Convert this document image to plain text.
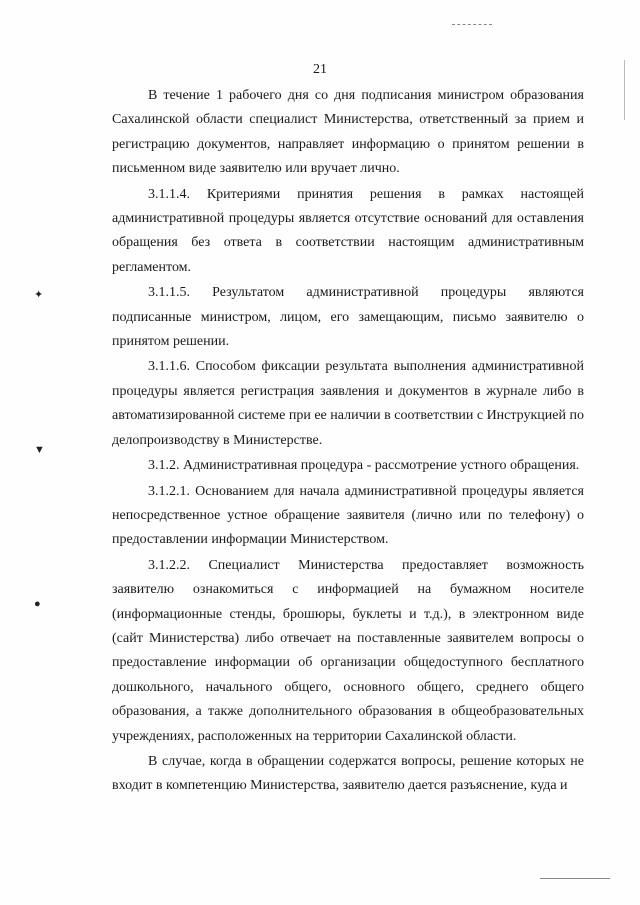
21

В течение 1 рабочего дня со дня подписания министром образования Сахалинской области специалист Министерства, ответственный за прием и регистрацию документов, направляет информацию о принятом решении в письменном виде заявителю или вручает лично.

3.1.1.4. Критериями принятия решения в рамках настоящей административной процедуры является отсутствие оснований для оставления обращения без ответа в соответствии настоящим административным регламентом.

3.1.1.5. Результатом административной процедуры являются подписанные министром, лицом, его замещающим, письмо заявителю о принятом решении.

3.1.1.6. Способом фиксации результата выполнения административной процедуры является регистрация заявления и документов в журнале либо в автоматизированной системе при ее наличии в соответствии с Инструкцией по делопроизводству в Министерстве.

3.1.2. Административная процедура - рассмотрение устного обращения.

3.1.2.1. Основанием для начала административной процедуры является непосредственное устное обращение заявителя (лично или по телефону) о предоставлении информации Министерством.

3.1.2.2. Специалист Министерства предоставляет возможность заявителю ознакомиться с информацией на бумажном носителе (информационные стенды, брошюры, буклеты и т.д.), в электронном виде (сайт Министерства) либо отвечает на поставленные заявителем вопросы о предоставление информации об организации общедоступного бесплатного дошкольного, начального общего, основного общего, среднего общего образования, а также дополнительного образования в общеобразовательных учреждениях, расположенных на территории Сахалинской области.

В случае, когда в обращении содержатся вопросы, решение которых не входит в компетенцию Министерства, заявителю дается разъяснение, куда и

✦
▼
●
